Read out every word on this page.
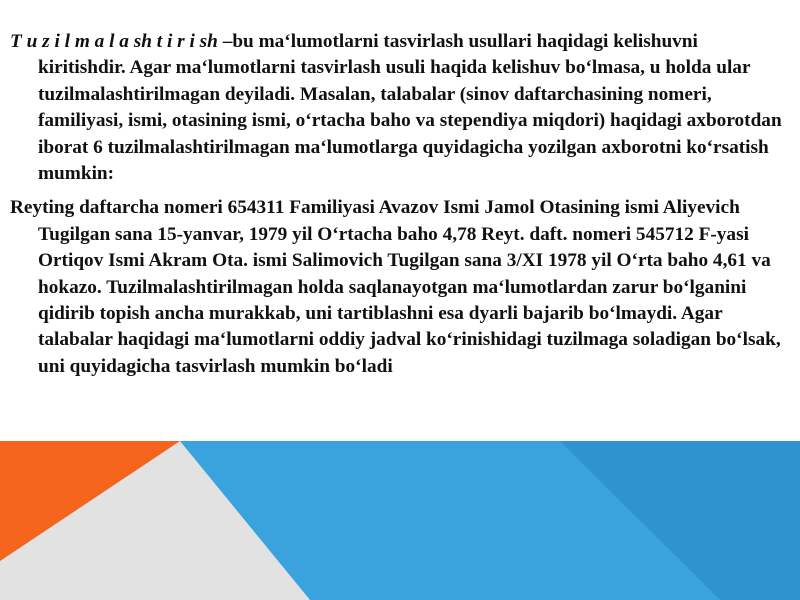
T u z i l m a l a sh t i r i sh –bu ma‘lumotlarni tasvirlash usullari haqidagi kelishuvni kiritishdir. Agar ma‘lumotlarni tasvirlash usuli haqida kelishuv bo‘lmasa, u holda ular tuzilmalashtirilmagan deyiladi. Masalan, talabalar (sinov daftarchasining nomeri, familiyasi, ismi, otasining ismi, o‘rtacha baho va stependiya miqdori) haqidagi axborotdan iborat 6 tuzilmalashtirilmagan ma‘lumotlarga quyidagicha yozilgan axborotni ko‘rsatish mumkin:

Reyting daftarcha nomeri 654311 Familiyasi Avazov Ismi Jamol Otasining ismi Aliyevich Tugilgan sana 15-yanvar, 1979 yil O‘rtacha baho 4,78 Reyt. daft. nomeri 545712 F-yasi Ortiqov Ismi Akram Ota. ismi Salimovich Tugilgan sana 3/XI 1978 yil O‘rta baho 4,61 va hokazo. Tuzilmalashtirilmagan holda saqlanayotgan ma‘lumotlardan zarur bo‘lganini qidirib topish ancha murakkab, uni tartiblashni esa dyarli bajarib bo‘lmaydi. Agar talabalar haqidagi ma‘lumotlarni oddiy jadval ko‘rinishidagi tuzilmaga soladigan bo‘lsak, uni quyidagicha tasvirlash mumkin bo‘ladi
